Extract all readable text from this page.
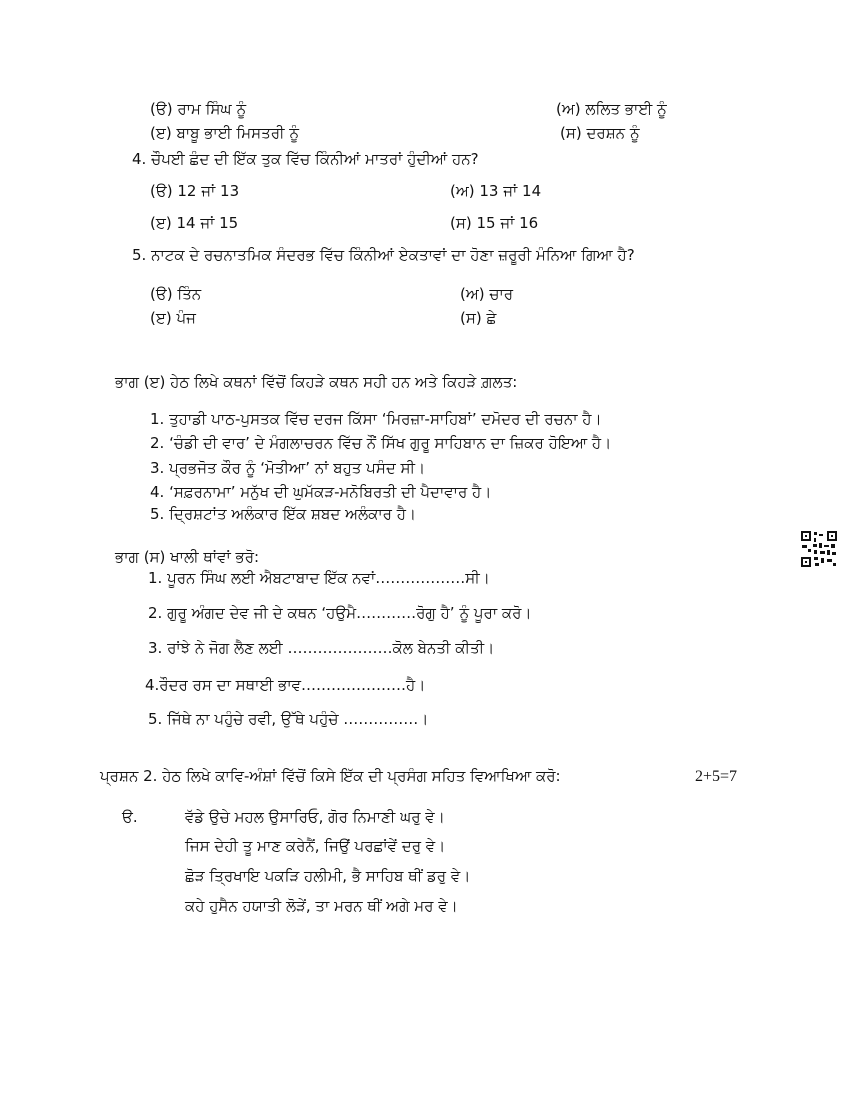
(ੳ) ਰਾਮ ਸਿੰਘ ਨੂੰ	(ਅ) ਲਲਿਤ ਭਾਈ ਨੂੰ
(ੲ) ਬਾਬੂ ਭਾਈ ਮਿਸਤਰੀ ਨੂੰ	(ਸ) ਦਰਸ਼ਨ ਨੂੰ
4. ਚੌਪਈ ਛੰਦ ਦੀ ਇੱਕ ਤੁਕ ਵਿੱਚ ਕਿੰਨੀਆਂ ਮਾਤਰਾਂ ਹੁੰਦੀਆਂ ਹਨ?
(ੳ) 12 ਜਾਂ 13	(ਅ) 13 ਜਾਂ 14
(ੲ) 14 ਜਾਂ 15	(ਸ) 15 ਜਾਂ 16
5. ਨਾਟਕ ਦੇ ਰਚਨਾਤਮਿਕ ਸੰਦਰਭ ਵਿੱਚ ਕਿੰਨੀਆਂ ਏਕਤਾਵਾਂ ਦਾ ਹੋਣਾ ਜ਼ਰੂਰੀ ਮੰਨਿਆ ਗਿਆ ਹੈ?
(ੳ) ਤਿੰਨ	(ਅ) ਚਾਰ
(ੲ) ਪੰਜ	(ਸ) ਛੇ
ਭਾਗ (ੲ) ਹੇਠ ਲਿਖੇ ਕਥਨਾਂ ਵਿੱਚੋਂ ਕਿਹੜੇ ਕਥਨ ਸਹੀ ਹਨ ਅਤੇ ਕਿਹੜੇ ਗ਼ਲਤ:
1. ਤੁਹਾਡੀ ਪਾਠ-ਪੁਸਤਕ ਵਿੱਚ ਦਰਜ ਕਿੱਸਾ ‘ਮਿਰਜ਼ਾ-ਸਾਹਿਬਾਂ’ ਦਮੋਦਰ ਦੀ ਰਚਨਾ ਹੈ।
2. ‘ਚੰਡੀ ਦੀ ਵਾਰ’ ਦੇ ਮੰਗਲਾਚਰਨ ਵਿੱਚ ਨੌਂ ਸਿੱਖ ਗੁਰੂ ਸਾਹਿਬਾਨ ਦਾ ਜ਼ਿਕਰ ਹੋਇਆ ਹੈ।
3. ਪ੍ਰਭਜੋਤ ਕੌਰ ਨੂੰ ‘ਮੋਤੀਆ’ ਨਾਂ ਬਹੁਤ ਪਸੰਦ ਸੀ।
4. ‘ਸਫ਼ਰਨਾਮਾ’ ਮਨੁੱਖ ਦੀ ਘੁਮੱਕੜ-ਮਨੋਬਿਰਤੀ ਦੀ ਪੈਦਾਵਾਰ ਹੈ।
5. ਦ੍ਰਿਸ਼ਟਾਂਤ ਅਲੰਕਾਰ ਇੱਕ ਸ਼ਬਦ ਅਲੰਕਾਰ ਹੈ।
ਭਾਗ (ਸ) ਖਾਲੀ ਥਾਂਵਾਂ ਭਰੋ:
1. ਪੂਰਨ ਸਿੰਘ ਲਈ ਐਬਟਾਬਾਦ ਇੱਕ ਨਵਾਂ………………ਸੀ।
2. ਗੁਰੂ ਅੰਗਦ ਦੇਵ ਜੀ ਦੇ ਕਥਨ ‘ਹਉਮੈ…………ਰੋਗੁ ਹੈ’ ਨੂੰ ਪੂਰਾ ਕਰੋ।
3. ਰਾਂਝੇ ਨੇ ਜੋਗ ਲੈਣ ਲਈ …………………ਕੋਲ ਬੇਨਤੀ ਕੀਤੀ।
4.ਰੌਦਰ ਰਸ ਦਾ ਸਥਾਈ ਭਾਵ…………………ਹੈ।
5. ਜਿੱਥੇ ਨਾ ਪਹੁੰਚੇ ਰਵੀ, ਉੱਥੇ ਪਹੁੰਚੇ ……………।
ਪ੍ਰਸ਼ਨ 2. ਹੇਠ ਲਿਖੇ ਕਾਵਿ-ਅੰਸ਼ਾਂ ਵਿੱਚੋਂ ਕਿਸੇ ਇੱਕ ਦੀ ਪ੍ਰਸੰਗ ਸਹਿਤ ਵਿਆਖਿਆ ਕਰੋ:	2+5=7
ੳ.	ਵੱਡੇ ਉਚੇ ਮਹਲ ਉਸਾਰਿਓ, ਗੋਰ ਨਿਮਾਣੀ ਘਰੁ ਵੇ।
ਜਿਸ ਦੇਹੀ ਤੂ ਮਾਣ ਕਰੇਨੈਂ, ਜਿਉਂ ਪਰਛਾਂਵੇਂ ਦਰੁ ਵੇ।
ਛੋੜ ਤ੍ਰਿਖਾਇ ਪਕੜਿ ਹਲੀਮੀ, ਭੈ ਸਾਹਿਬ ਥੀਂ ਡਰੁ ਵੇ।
ਕਹੇ ਹੁਸੈਨ ਹਯਾਤੀ ਲੋੜੇਂ, ਤਾ ਮਰਨ ਥੀਂ ਅਗੇ ਮਰ ਵੇ।
